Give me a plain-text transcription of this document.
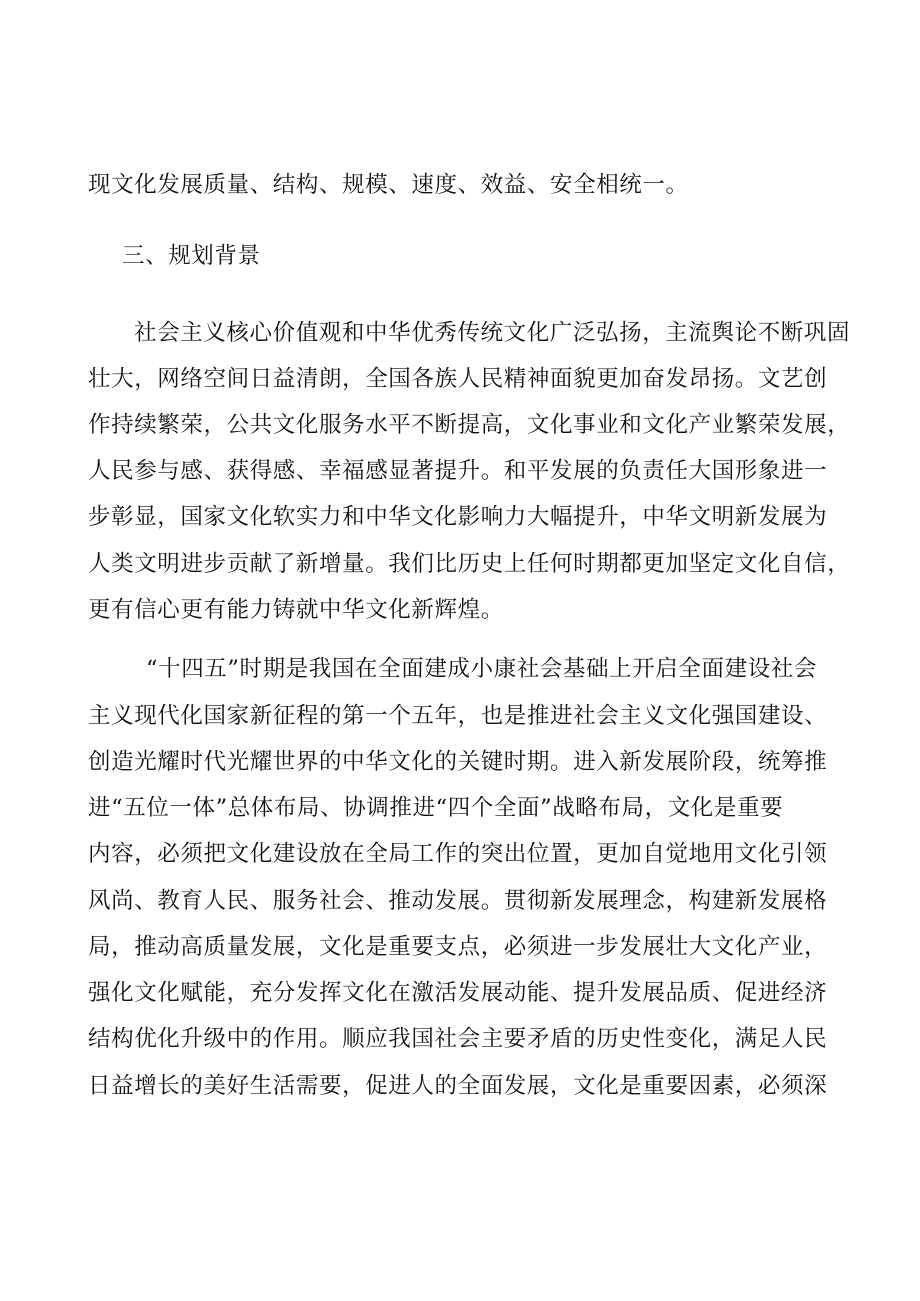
现文化发展质量、结构、规模、速度、效益、安全相统一。

三、规划背景

社会主义核心价值观和中华优秀传统文化广泛弘扬，主流舆论不断巩固

壮大，网络空间日益清朗，全国各族人民精神面貌更加奋发昂扬。文艺创

作持续繁荣，公共文化服务水平不断提高，文化事业和文化产业繁荣发展，

人民参与感、获得感、幸福感显著提升。和平发展的负责任大国形象进一

步彰显，国家文化软实力和中华文化影响力大幅提升，中华文明新发展为

人类文明进步贡献了新增量。我们比历史上任何时期都更加坚定文化自信，

更有信心更有能力铸就中华文化新辉煌。

“十四五”时期是我国在全面建成小康社会基础上开启全面建设社会

主义现代化国家新征程的第一个五年，也是推进社会主义文化强国建设、

创造光耀时代光耀世界的中华文化的关键时期。进入新发展阶段，统筹推

进“五位一体”总体布局、协调推进“四个全面”战略布局，文化是重要

内容，必须把文化建设放在全局工作的突出位置，更加自觉地用文化引领

风尚、教育人民、服务社会、推动发展。贯彻新发展理念，构建新发展格

局，推动高质量发展，文化是重要支点，必须进一步发展壮大文化产业，

强化文化赋能，充分发挥文化在激活发展动能、提升发展品质、促进经济

结构优化升级中的作用。顺应我国社会主要矛盾的历史性变化，满足人民

日益增长的美好生活需要，促进人的全面发展，文化是重要因素，必须深
